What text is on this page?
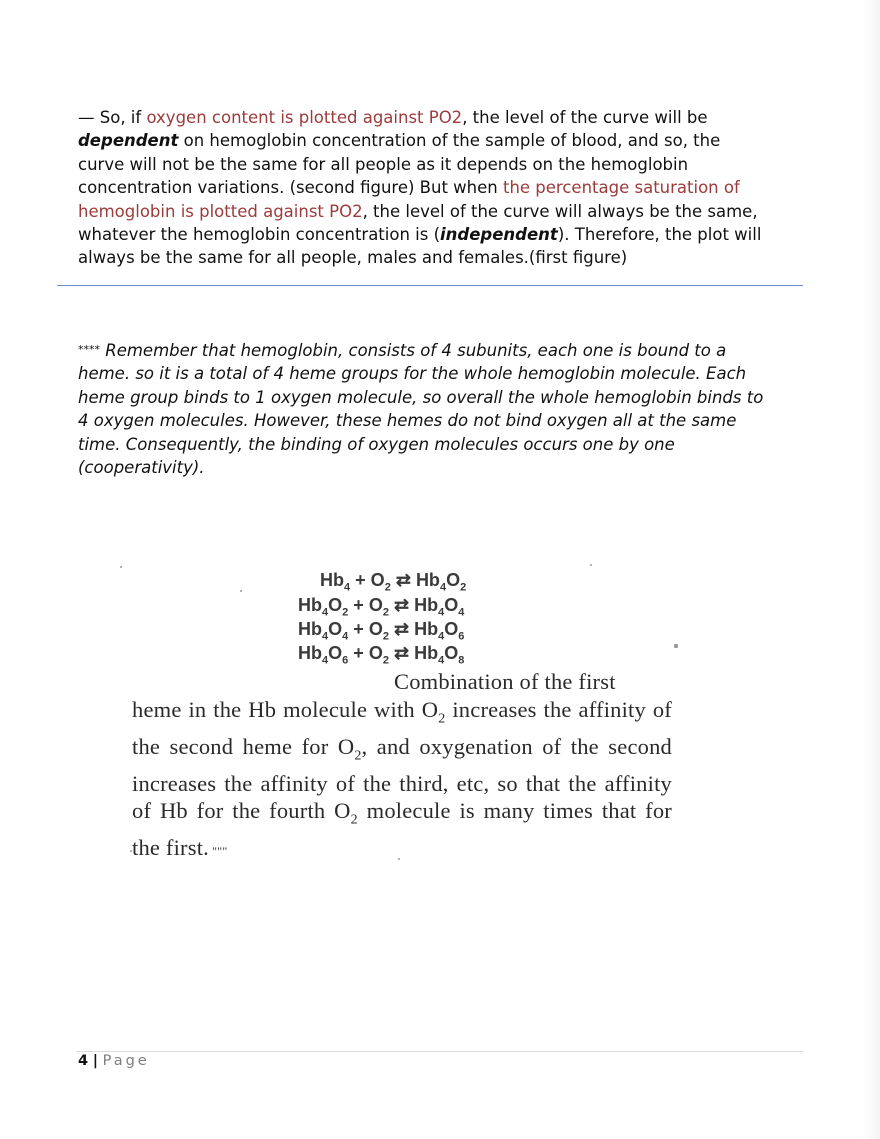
— So, if oxygen content is plotted against PO2, the level of the curve will be dependent on hemoglobin concentration of the sample of blood, and so, the curve will not be the same for all people as it depends on the hemoglobin concentration variations. (second figure) But when the percentage saturation of hemoglobin is plotted against PO2, the level of the curve will always be the same, whatever the hemoglobin concentration is (independent). Therefore, the plot will always be the same for all people, males and females.(first figure)
**** Remember that hemoglobin, consists of 4 subunits, each one is bound to a heme. so it is a total of 4 heme groups for the whole hemoglobin molecule. Each heme group binds to 1 oxygen molecule, so overall the whole hemoglobin binds to 4 oxygen molecules. However, these hemes do not bind oxygen all at the same time. Consequently, the binding of oxygen molecules occurs one by one (cooperativity).
$Hb_4 + O_2$ ⇄ $Hb_4O_2$
$Hb_4O_2 + O_2$ ⇄ $Hb_4O_4$
$Hb_4O_4 + O_2$ ⇄ $Hb_4O_6$
$Hb_4O_6 + O_2$ ⇄ $Hb_4O_8$
Combination of the first
heme in the Hb molecule with $O_2$ increases the affinity of the second heme for $O_2$, and oxygenation of the second increases the affinity of the third, etc, so that the affinity of Hb for the fourth $O_2$ molecule is many times that for the first. """
4 | Page
